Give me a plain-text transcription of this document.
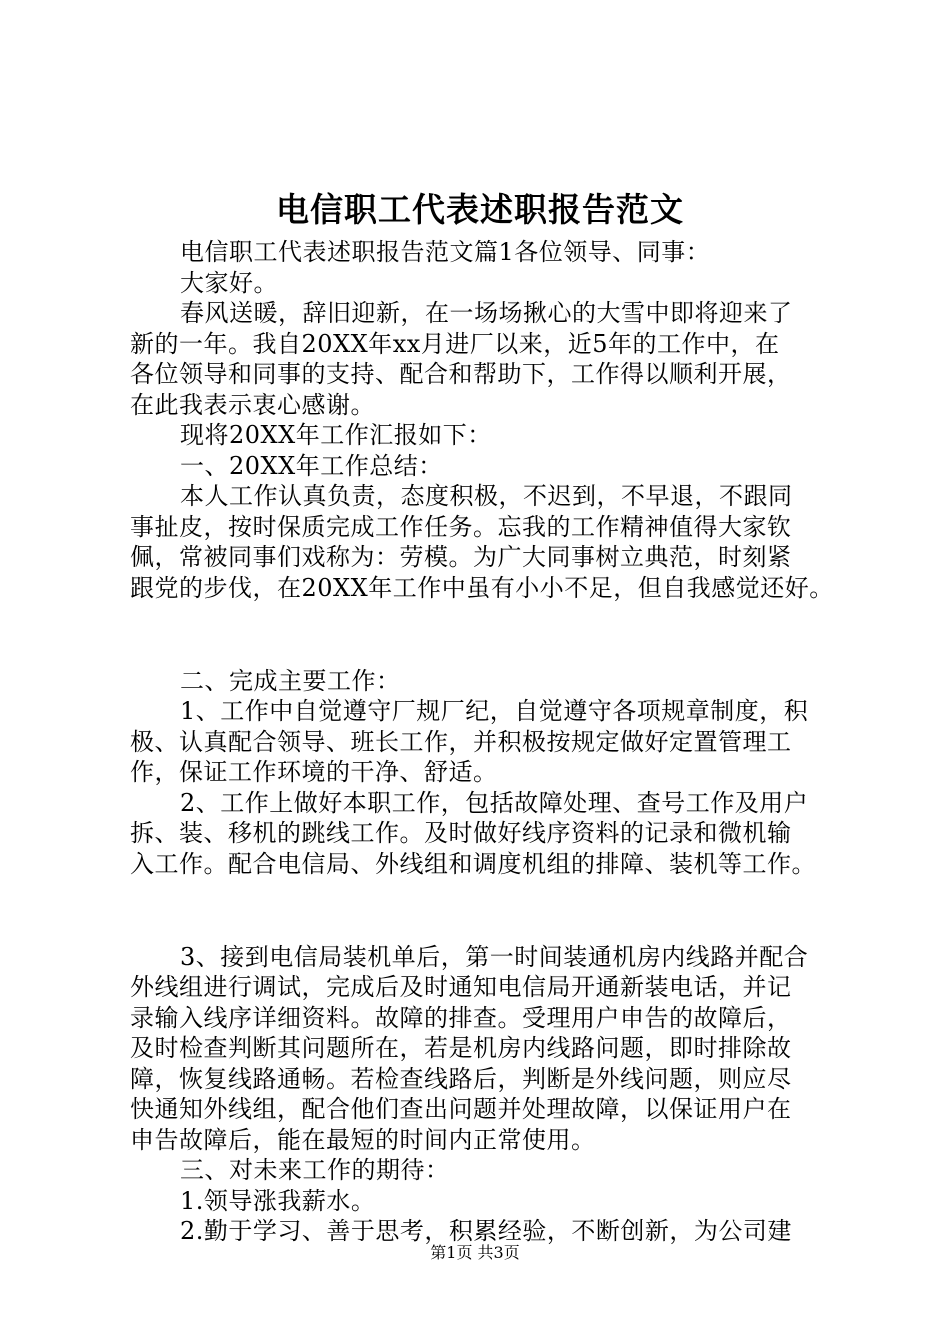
电信职工代表述职报告范文

电信职工代表述职报告范文篇1各位领导、同事：

大家好。

春风送暖，辞旧迎新，在一场场揪心的大雪中即将迎来了

新的一年。我自20XX年xx月进厂以来，近5年的工作中，在

各位领导和同事的支持、配合和帮助下，工作得以顺利开展，

在此我表示衷心感谢。

现将20XX年工作汇报如下：

一、20XX年工作总结：

本人工作认真负责，态度积极，不迟到，不早退，不跟同

事扯皮，按时保质完成工作任务。忘我的工作精神值得大家钦

佩，常被同事们戏称为：劳模。为广大同事树立典范，时刻紧

跟党的步伐，在20XX年工作中虽有小小不足，但自我感觉还好。

二、完成主要工作：

1、工作中自觉遵守厂规厂纪，自觉遵守各项规章制度，积

极、认真配合领导、班长工作，并积极按规定做好定置管理工

作，保证工作环境的干净、舒适。

2、工作上做好本职工作，包括故障处理、查号工作及用户

拆、装、移机的跳线工作。及时做好线序资料的记录和微机输

入工作。配合电信局、外线组和调度机组的排障、装机等工作。

3、接到电信局装机单后，第一时间装通机房内线路并配合

外线组进行调试，完成后及时通知电信局开通新装电话，并记

录输入线序详细资料。故障的排查。受理用户申告的故障后，

及时检查判断其问题所在，若是机房内线路问题，即时排除故

障，恢复线路通畅。若检查线路后，判断是外线问题，则应尽

快通知外线组，配合他们查出问题并处理故障，以保证用户在

申告故障后，能在最短的时间内正常使用。

三、对未来工作的期待：

1.领导涨我薪水。

2.勤于学习、善于思考，积累经验，不断创新，为公司建

第1页 共3页
